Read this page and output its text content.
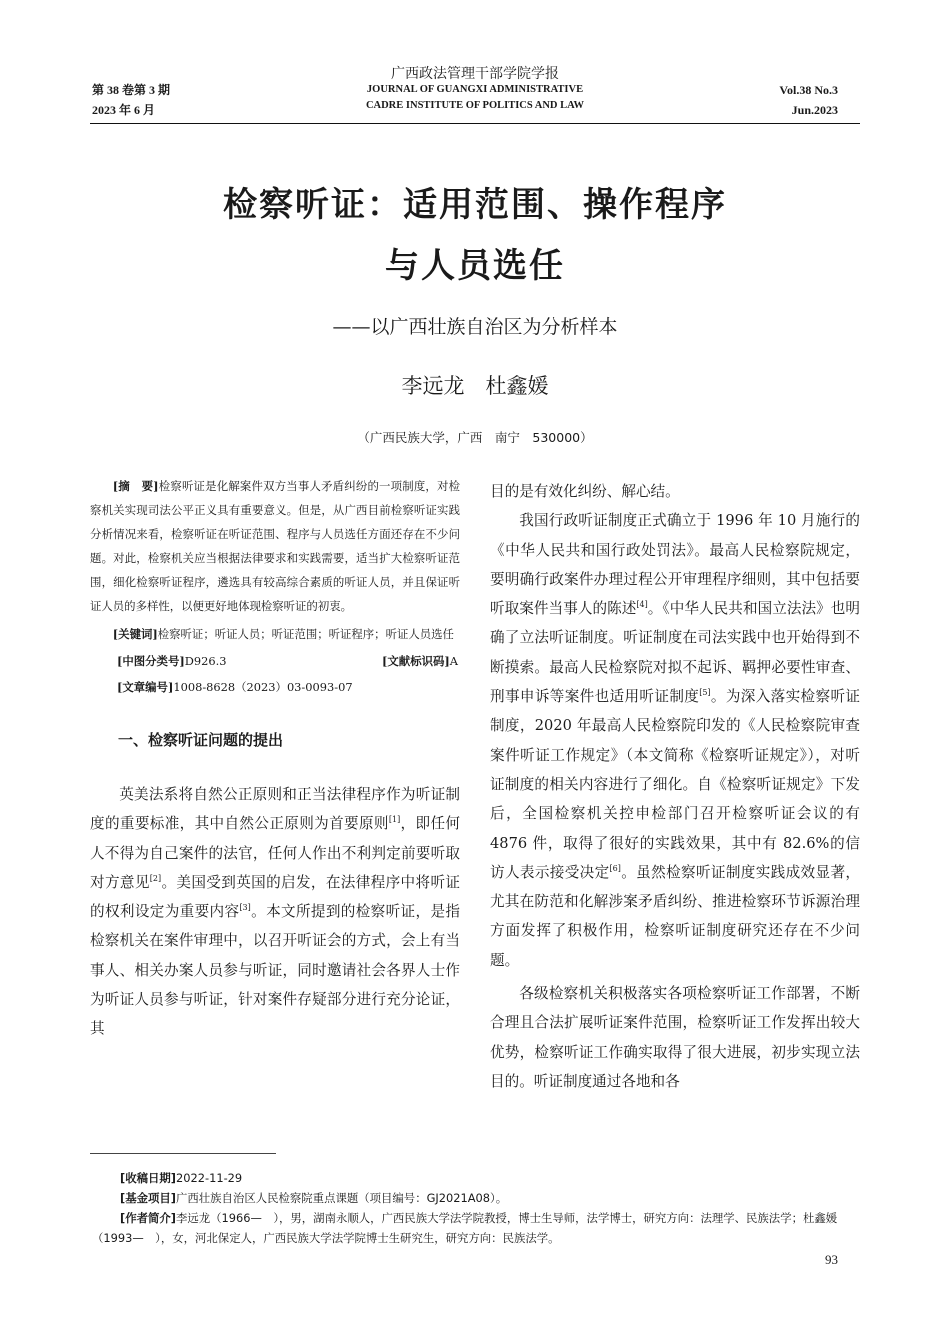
第 38 卷第 3 期
2023 年 6 月
广西政法管理干部学院学报
JOURNAL OF GUANGXI ADMINISTRATIVE
CADRE INSTITUTE OF POLITICS AND LAW
Vol.38 No.3
Jun.2023
检察听证：适用范围、操作程序
与人员选任
——以广西壮族自治区为分析样本
李远龙　杜鑫媛
（广西民族大学，广西　南宁　530000）

[摘　要]检察听证是化解案件双方当事人矛盾纠纷的一项制度，对检察机关实现司法公平正义具有重要意义。但是，从广西目前检察听证实践分析情况来看，检察听证在听证范围、程序与人员选任方面还存在不少问题。对此，检察机关应当根据法律要求和实践需要，适当扩大检察听证范围，细化检察听证程序，遴选具有较高综合素质的听证人员，并且保证听证人员的多样性，以便更好地体现检察听证的初衷。

[关键词]检察听证；听证人员；听证范围；听证程序；听证人员选任

[中图分类号]D926.3	[文献标识码]A
[文章编号]1008-8628（2023）03-0093-07
一、检察听证问题的提出

英美法系将自然公正原则和正当法律程序作为听证制度的重要标准，其中自然公正原则为首要原则[1]，即任何人不得为自己案件的法官，任何人作出不利判定前要听取对方意见[2]。美国受到英国的启发，在法律程序中将听证的权利设定为重要内容[3]。本文所提到的检察听证，是指检察机关在案件审理中，以召开听证会的方式，会上有当事人、相关办案人员参与听证，同时邀请社会各界人士作为听证人员参与听证，针对案件存疑部分进行充分论证，其

目的是有效化纠纷、解心结。

我国行政听证制度正式确立于 1996 年 10 月施行的《中华人民共和国行政处罚法》。最高人民检察院规定，要明确行政案件办理过程公开审理程序细则，其中包括要听取案件当事人的陈述[4]。《中华人民共和国立法法》也明确了立法听证制度。听证制度在司法实践中也开始得到不断摸索。最高人民检察院对拟不起诉、羁押必要性审查、刑事申诉等案件也适用听证制度[5]。为深入落实检察听证制度，2020 年最高人民检察院印发的《人民检察院审查案件听证工作规定》（本文简称《检察听证规定》），对听证制度的相关内容进行了细化。自《检察听证规定》下发后，全国检察机关控申检部门召开检察听证会议的有 4876 件，取得了很好的实践效果，其中有 82.6%的信访人表示接受决定[6]。虽然检察听证制度实践成效显著，尤其在防范和化解涉案矛盾纠纷、推进检察环节诉源治理方面发挥了积极作用，检察听证制度研究还存在不少问题。

各级检察机关积极落实各项检察听证工作部署，不断合理且合法扩展听证案件范围，检察听证工作发挥出较大优势，检察听证工作确实取得了很大进展，初步实现立法目的。听证制度通过各地和各

[收稿日期]2022-11-29

[基金项目]广西壮族自治区人民检察院重点课题（项目编号：GJ2021A08）。

[作者简介]李远龙（1966—　），男，湖南永顺人，广西民族大学法学院教授，博士生导师，法学博士，研究方向：法理学、民族法学；杜鑫媛（1993—　），女，河北保定人，广西民族大学法学院博士生研究生，研究方向：民族法学。

93
